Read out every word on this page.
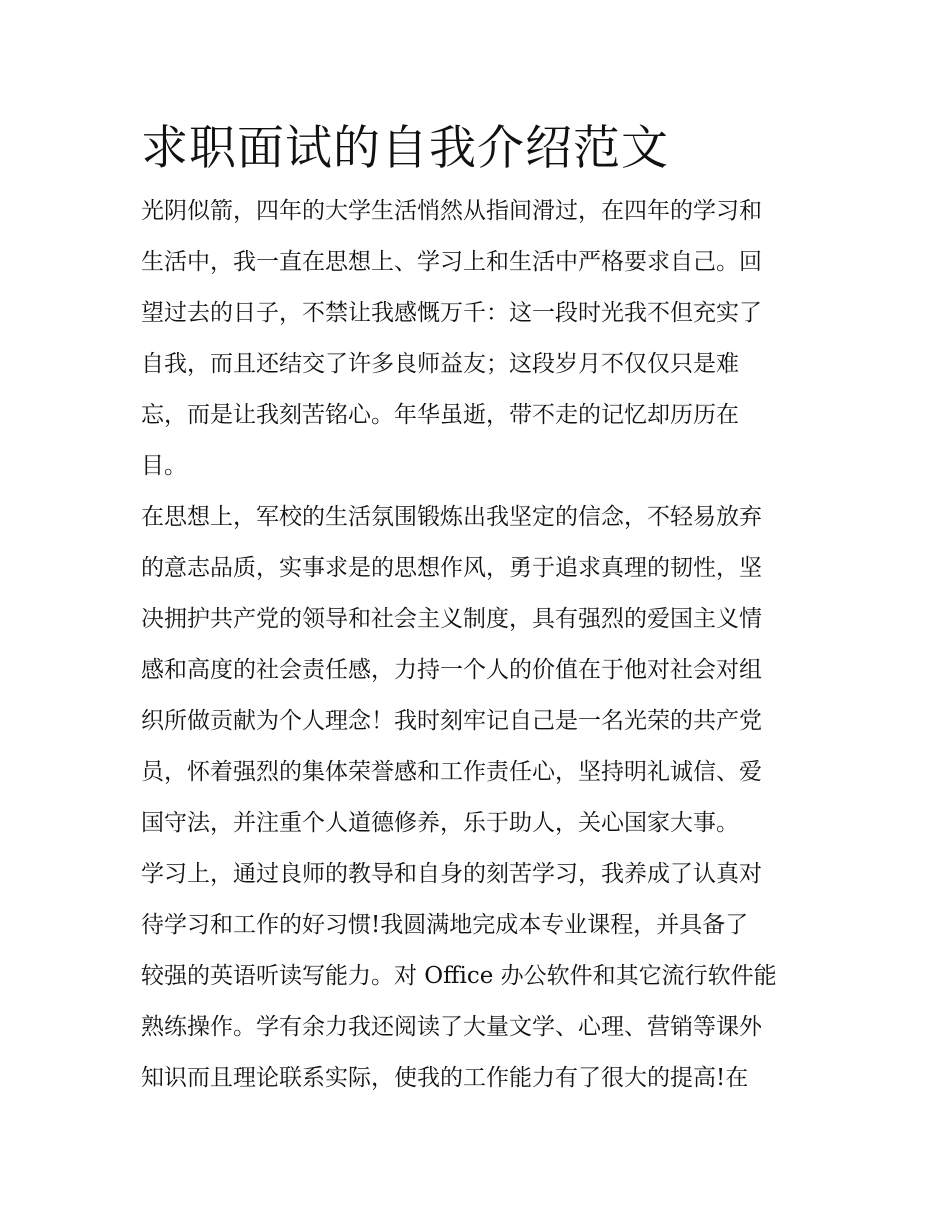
求职面试的自我介绍范文

光阴似箭，四年的大学生活悄然从指间滑过，在四年的学习和
生活中，我一直在思想上、学习上和生活中严格要求自己。回
望过去的日子，不禁让我感慨万千：这一段时光我不但充实了
自我，而且还结交了许多良师益友；这段岁月不仅仅只是难
忘，而是让我刻苦铭心。年华虽逝，带不走的记忆却历历在
目。

在思想上，军校的生活氛围锻炼出我坚定的信念，不轻易放弃
的意志品质，实事求是的思想作风，勇于追求真理的韧性，坚
决拥护共产党的领导和社会主义制度，具有强烈的爱国主义情
感和高度的社会责任感，力持一个人的价值在于他对社会对组
织所做贡献为个人理念！我时刻牢记自己是一名光荣的共产党
员，怀着强烈的集体荣誉感和工作责任心，坚持明礼诚信、爱
国守法，并注重个人道德修养，乐于助人，关心国家大事。

学习上，通过良师的教导和自身的刻苦学习，我养成了认真对
待学习和工作的好习惯!我圆满地完成本专业课程，并具备了
较强的英语听读写能力。对 Office 办公软件和其它流行软件能
熟练操作。学有余力我还阅读了大量文学、心理、营销等课外
知识而且理论联系实际，使我的工作能力有了很大的提高!在
